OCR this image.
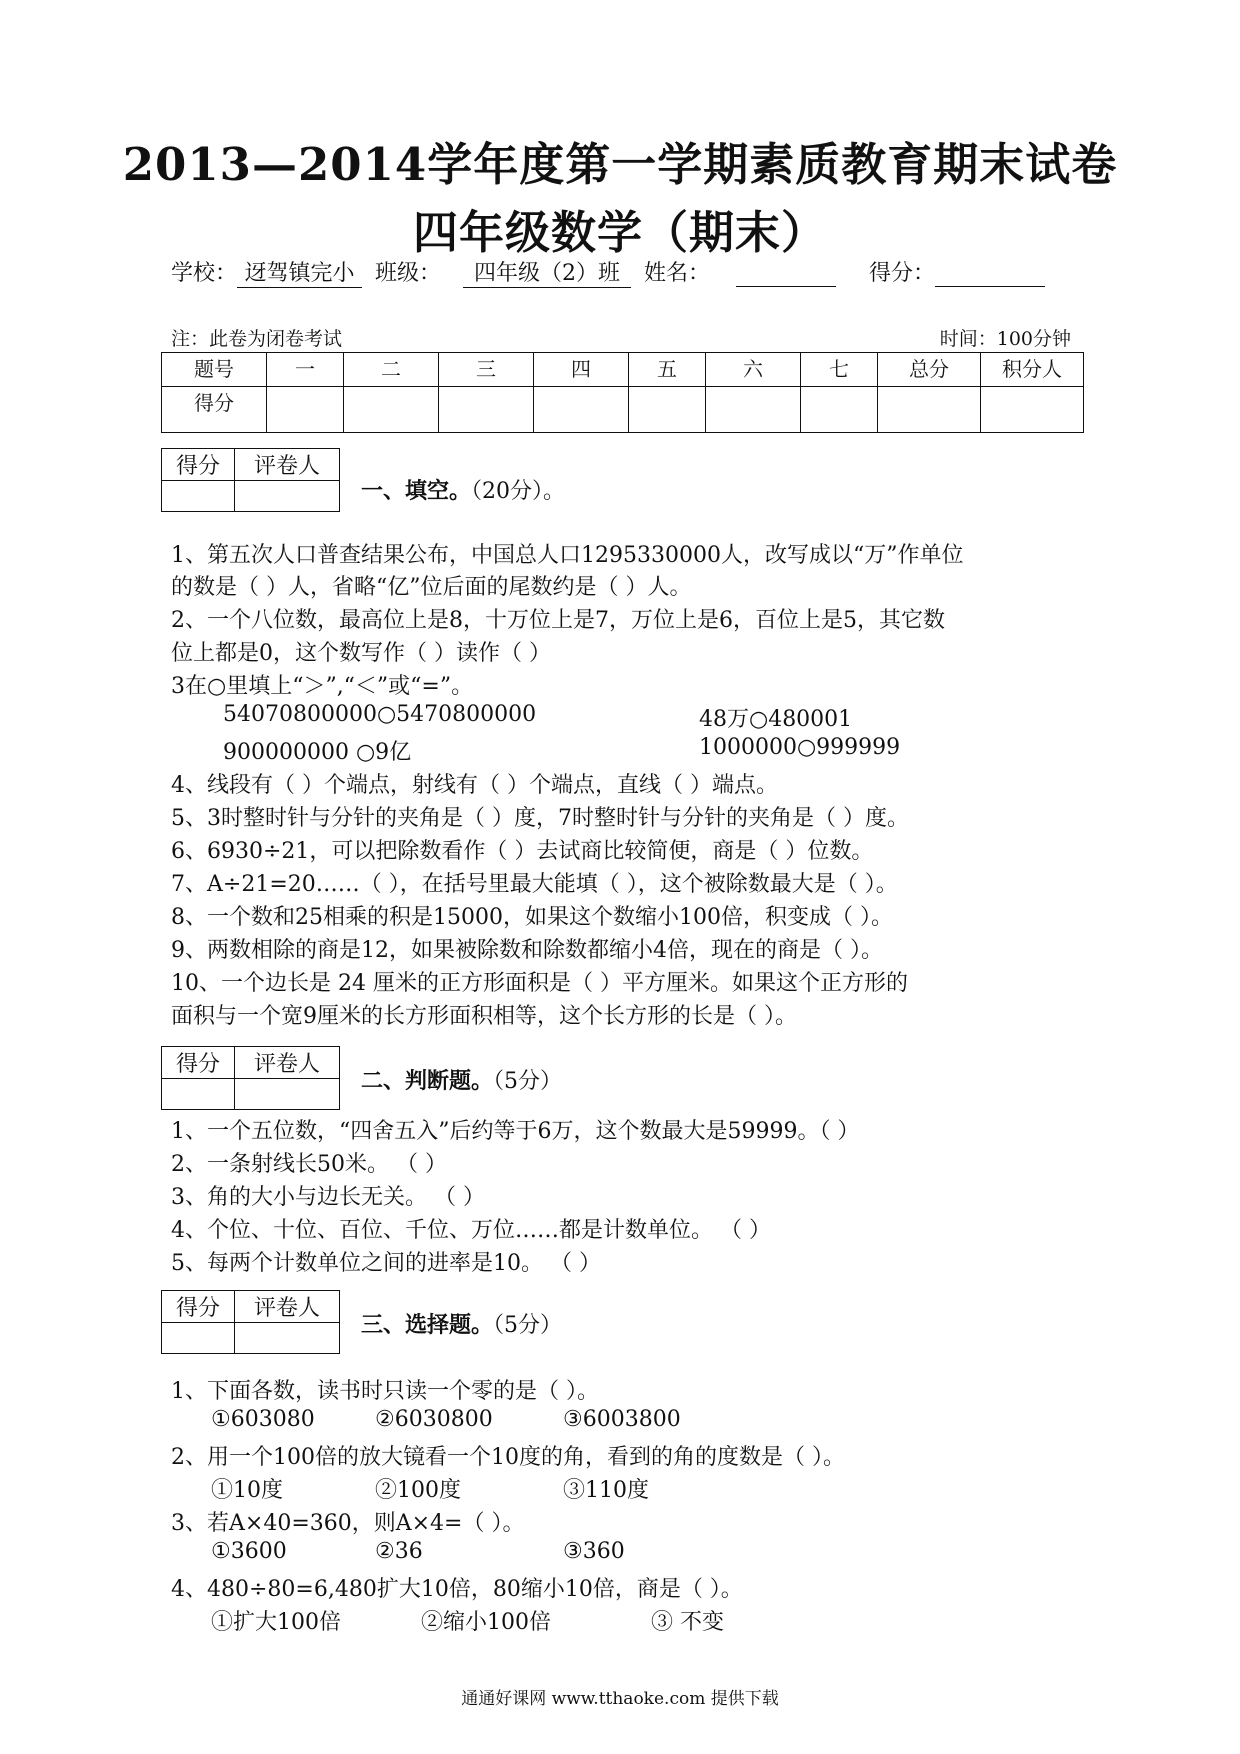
2013—2014学年度第一学期素质教育期末试卷
四年级数学（期末）
学校： 迓驾镇完小 班级： 四年级（2）班 姓名：	得分：
注：此卷为闭卷考试	时间：100分钟
题号	一	二	三	四	五	六	七	总分	积分人
得分									
得分	评卷人

一、填空。（20分）。
1、第五次人口普查结果公布，中国总人口1295330000人，改写成以“万”作单位
的数是（ ）人，省略“亿”位后面的尾数约是（ ）人。
2、一个八位数，最高位上是8，十万位上是7，万位上是6，百位上是5，其它数
位上都是0，这个数写作（ ）读作（ ）
3在○里填上“＞”,“＜”或“=”。
54070800000○5470800000	48万○480001
900000000 ○9亿	1000000○999999
4、线段有（ ）个端点，射线有（ ）个端点，直线（ ）端点。
5、3时整时针与分针的夹角是（ ）度，7时整时针与分针的夹角是（ ）度。
6、6930÷21，可以把除数看作（ ）去试商比较简便，商是（ ）位数。
7、A÷21=20……（ ），在括号里最大能填（ ），这个被除数最大是（ ）。
8、一个数和25相乘的积是15000，如果这个数缩小100倍，积变成（ ）。
9、两数相除的商是12，如果被除数和除数都缩小4倍，现在的商是（ ）。
10、一个边长是 24 厘米的正方形面积是（ ）平方厘米。如果这个正方形的
面积与一个宽9厘米的长方形面积相等，这个长方形的长是（ ）。
得分	评卷人

二、判断题。（5分）
1、一个五位数，“四舍五入”后约等于6万，这个数最大是59999。（ ）
2、一条射线长50米。 （ ）
3、角的大小与边长无关。 （ ）
4、个位、十位、百位、千位、万位……都是计数单位。 （ ）
5、每两个计数单位之间的进率是10。 （ ）
得分	评卷人

三、选择题。（5分）
1、下面各数，读书时只读一个零的是（ ）。
①603080	②6030800	③6003800
2、用一个100倍的放大镜看一个10度的角，看到的角的度数是（ ）。
①10度	②100度	③110度
3、若A×40=360，则A×4=（ ）。
①3600	②36	③360
4、480÷80=6,480扩大10倍，80缩小10倍，商是（ ）。
①扩大100倍	②缩小100倍	③ 不变
通通好课网 www.tthaoke.com 提供下载
